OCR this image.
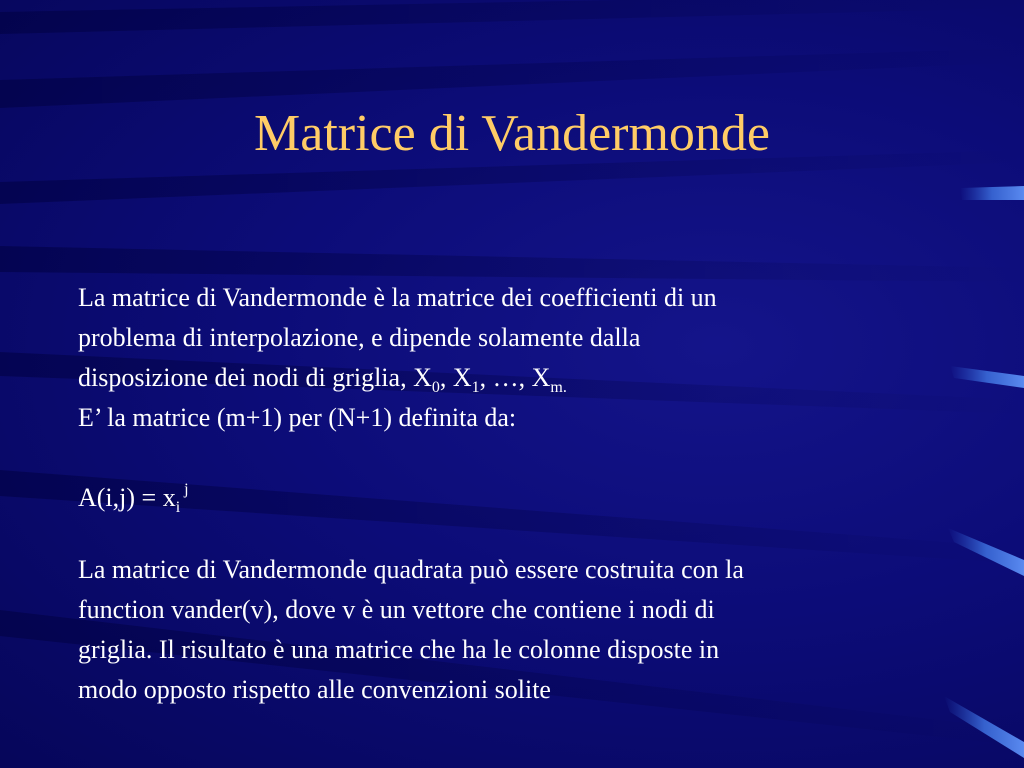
Matrice di Vandermonde
La matrice di Vandermonde è la matrice dei coefficienti di un
problema di interpolazione, e dipende solamente dalla
disposizione dei nodi di griglia, $X_0$, $X_1$, …, $X_{m.}$
E’ la matrice (m+1) per (N+1) definita da:
$A(i,j) = x_i$ $^j$
La matrice di Vandermonde quadrata può essere costruita con la
function vander(v), dove v è un vettore che contiene i nodi di
griglia. Il risultato è una matrice che ha le colonne disposte in
modo opposto rispetto alle convenzioni solite
